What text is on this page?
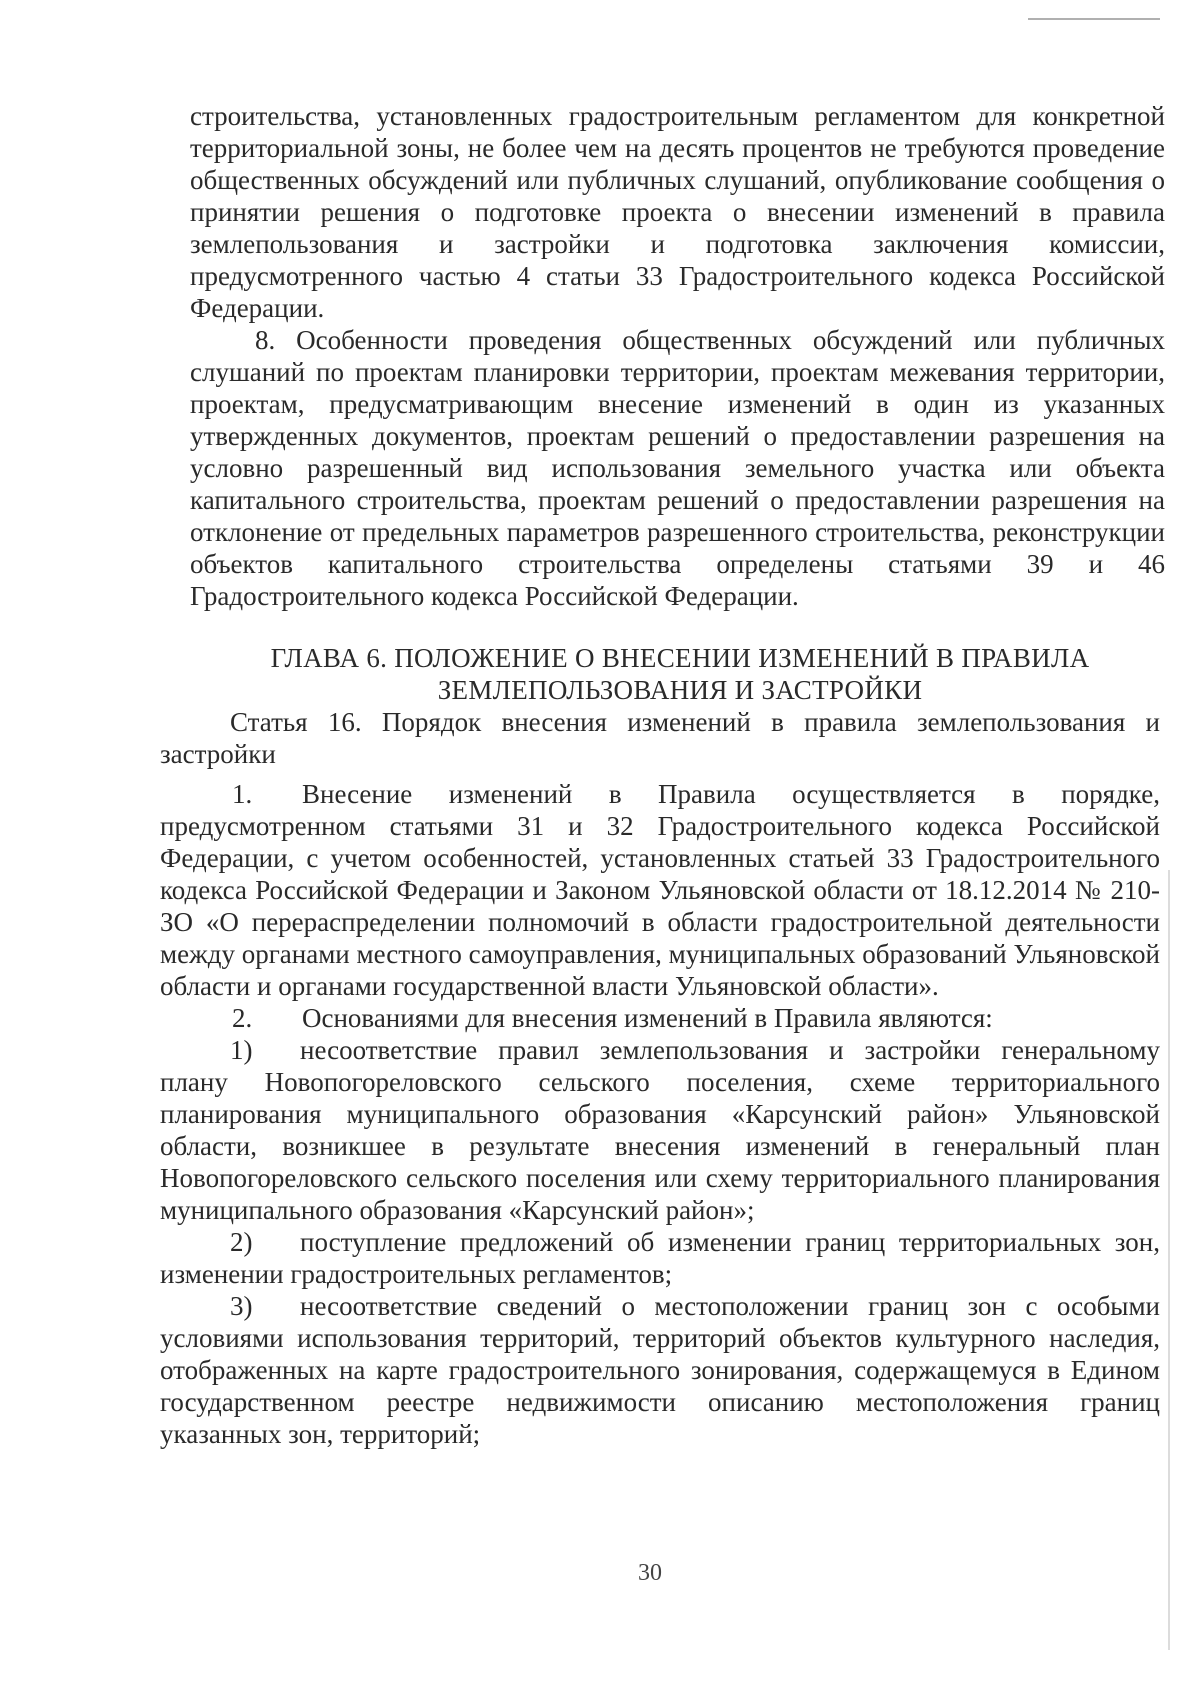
строительства, установленных градостроительным регламентом для конкретной территориальной зоны, не более чем на десять процентов не требуются проведение общественных обсуждений или публичных слушаний, опубликование сообщения о принятии решения о подготовке проекта о внесении изменений в правила землепользования и застройки и подготовка заключения комиссии, предусмотренного частью 4 статьи 33 Градостроительного кодекса Российской Федерации.

8. Особенности проведения общественных обсуждений или публичных слушаний по проектам планировки территории, проектам межевания территории, проектам, предусматривающим внесение изменений в один из указанных утвержденных документов, проектам решений о предоставлении разрешения на условно разрешенный вид использования земельного участка или объекта капитального строительства, проектам решений о предоставлении разрешения на отклонение от предельных параметров разрешенного строительства, реконструкции объектов капитального строительства определены статьями 39 и 46 Градостроительного кодекса Российской Федерации.

ГЛАВА 6. ПОЛОЖЕНИЕ О ВНЕСЕНИИ ИЗМЕНЕНИЙ В ПРАВИЛА
ЗЕМЛЕПОЛЬЗОВАНИЯ И ЗАСТРОЙКИ

Статья 16. Порядок внесения изменений в правила землепользования и застройки

1. Внесение изменений в Правила осуществляется в порядке, предусмотренном статьями 31 и 32 Градостроительного кодекса Российской Федерации, с учетом особенностей, установленных статьей 33 Градостроительного кодекса Российской Федерации и Законом Ульяновской области от 18.12.2014 № 210-ЗО «О перераспределении полномочий в области градостроительной деятельности между органами местного самоуправления, муниципальных образований Ульяновской области и органами государственной власти Ульяновской области».

2. Основаниями для внесения изменений в Правила являются:

1) несоответствие правил землепользования и застройки генеральному плану Новопогореловского сельского поселения, схеме территориального планирования муниципального образования «Карсунский район» Ульяновской области, возникшее в результате внесения изменений в генеральный план Новопогореловского сельского поселения или схему территориального планирования муниципального образования «Карсунский район»;

2) поступление предложений об изменении границ территориальных зон, изменении градостроительных регламентов;

3) несоответствие сведений о местоположении границ зон с особыми условиями использования территорий, территорий объектов культурного наследия, отображенных на карте градостроительного зонирования, содержащемуся в Едином государственном реестре недвижимости описанию местоположения границ указанных зон, территорий;

30
